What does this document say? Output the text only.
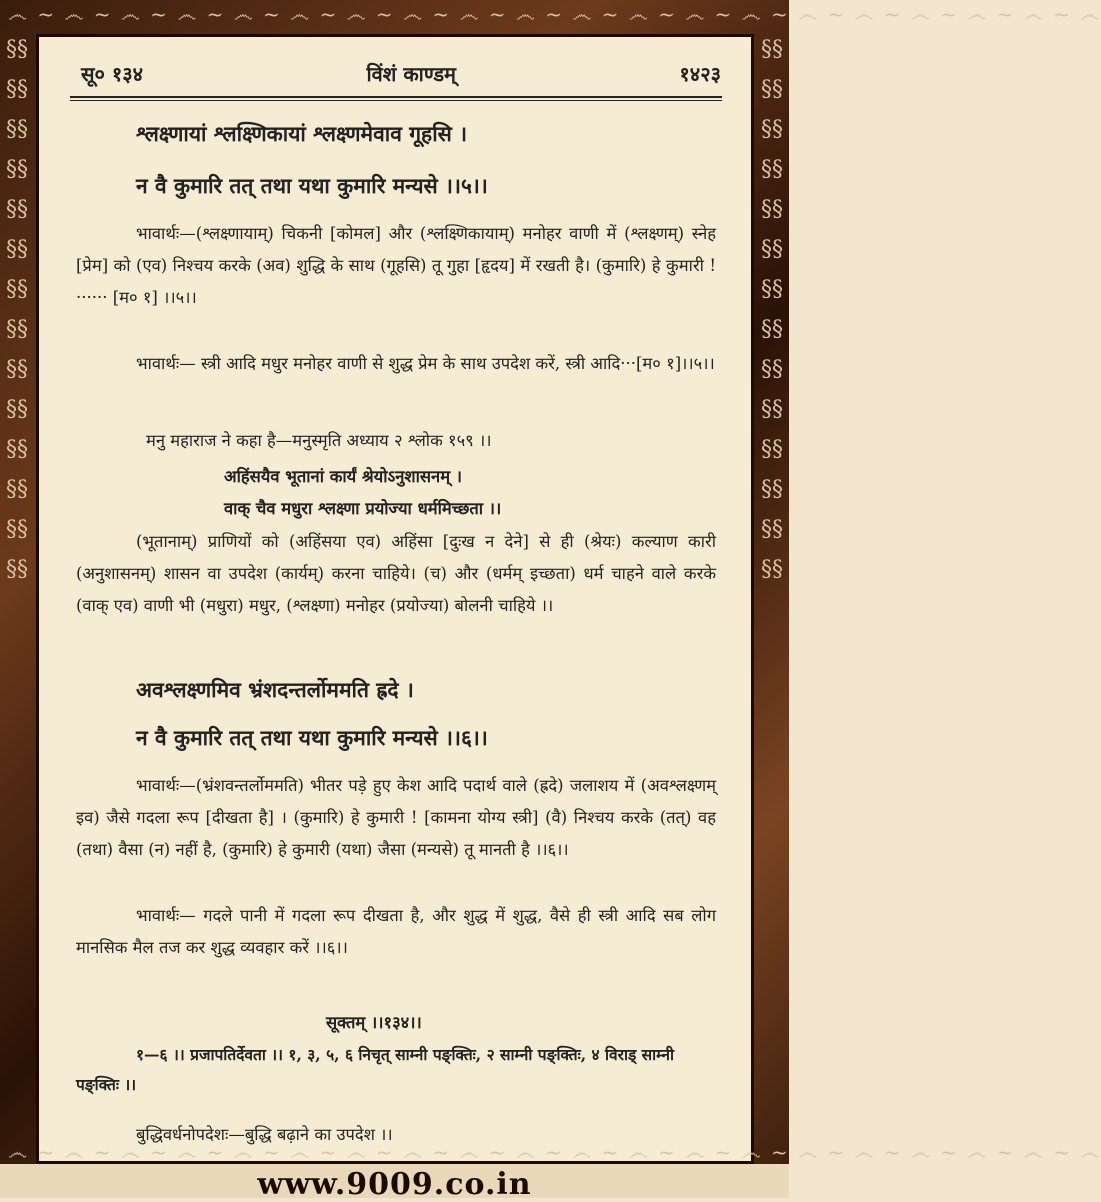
෴ ~ ෴ ~ ෴ ~ ෴ ~ ෴ ~ ෴ ~ ෴ ~ ෴ ~ ෴ ~ ෴ ~ ෴ ~ ෴ ~ ෴ ~ ෴ ~ ෴ ~ ෴ ~ ෴ ~ ෴ ~ ෴ ~ ෴
§§§§§§§§§§§§§§§§§§§§§§§§§§§§
§§§§§§§§§§§§§§§§§§§§§§§§§§§§
सू० १३४	विंशं काण्डम्	१४२३
श्लक्ष्णायां श्लक्ष्णिकायां श्लक्ष्णमेवाव गूहसि ।
न वै कुमारि तत् तथा यथा कुमारि मन्यसे ।।५।।
भावार्थः—(श्लक्ष्णायाम्) चिकनी [कोमल] और (श्लक्ष्णिकायाम्) मनोहर वाणी में (श्लक्ष्णम्) स्नेह [प्रेम] को (एव) निश्चय करके (अव) शुद्धि के साथ (गूहसि) तू गुहा [हृदय] में रखती है। (कुमारि) हे कुमारी !······ [म० १] ।।५।।
भावार्थः— स्त्री आदि मधुर मनोहर वाणी से शुद्ध प्रेम के साथ उपदेश करें, स्त्री आदि···[म० १]।।५।।
मनु महाराज ने कहा है—मनुस्मृति अध्याय २ श्लोक १५९ ।।
अहिंसयैव भूतानां कार्यं श्रेयोऽनुशासनम् ।
वाक् चैव मधुरा श्लक्ष्णा प्रयोज्या धर्ममिच्छता ।।
(भूतानाम्) प्राणियों को (अहिंसया एव) अहिंसा [दुःख न देने] से ही (श्रेयः) कल्याण कारी (अनुशासनम्) शासन वा उपदेश (कार्यम्) करना चाहिये। (च) और (धर्मम् इच्छता) धर्म चाहने वाले करके (वाक् एव) वाणी भी (मधुरा) मधुर, (श्लक्ष्णा) मनोहर (प्रयोज्या) बोलनी चाहिये ।।
अवश्लक्ष्णमिव भ्रंशदन्तर्लोममति ह्रदे ।
न वै कुमारि तत् तथा यथा कुमारि मन्यसे ।।६।।
भावार्थः—(भ्रंशवन्तर्लोममति) भीतर पड़े हुए केश आदि पदार्थ वाले (ह्रदे) जलाशय में (अवश्लक्ष्णम् इव) जैसे गदला रूप [दीखता है] । (कुमारि) हे कुमारी ! [कामना योग्य स्त्री] (वै) निश्चय करके (तत्) वह (तथा) वैसा (न) नहीं है, (कुमारि) हे कुमारी (यथा) जैसा (मन्यसे) तू मानती है ।।६।।
भावार्थः— गदले पानी में गदला रूप दीखता है, और शुद्ध में शुद्ध, वैसे ही स्त्री आदि सब लोग मानसिक मैल तज कर शुद्ध व्यवहार करें ।।६।।
सूक्तम् ।।१३४।।
१—६ ।। प्रजापतिर्देवता ।। १, ३, ५, ६ निचृत् साम्नी पङ्क्तिः, २ साम्नी पङ्क्तिः, ४ विराड् साम्नी पङ्क्तिः ।।
बुद्धिवर्धनोपदेशः—बुद्धि बढ़ाने का उपदेश ।।
෴ ~ ෴ ~ ෴ ~ ෴ ~ ෴ ~ ෴ ~ ෴ ~ ෴ ~ ෴ ~ ෴ ~ ෴ ~ ෴ ~ ෴ ~ ෴ ~ ෴ ~ ෴ ~ ෴ ~ ෴ ~ ෴ ~ ෴
www.9009.co.in
